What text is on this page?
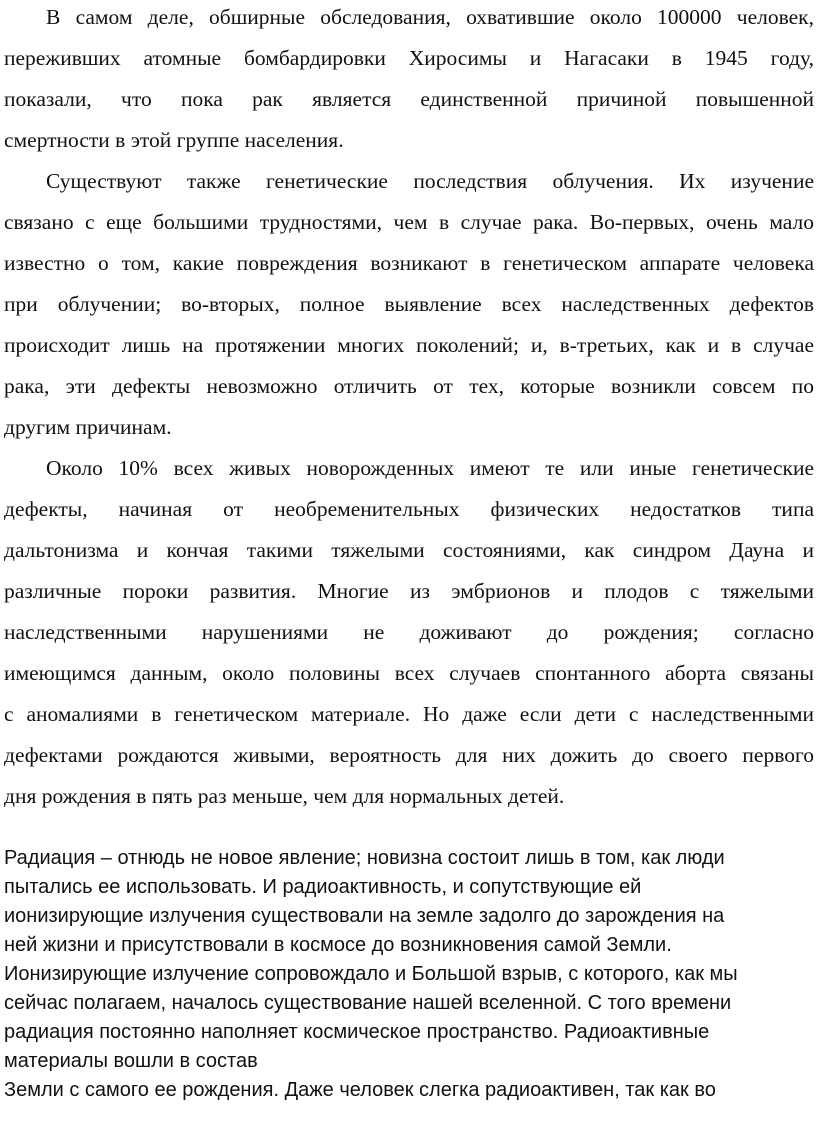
В самом деле, обширные обследования, охватившие около 100000 человек,
переживших атомные бомбардировки Хиросимы и Нагасаки в 1945 году,
показали, что пока рак является единственной причиной повышенной
смертности в этой группе населения.
Существуют также генетические последствия облучения. Их изучение
связано с еще большими трудностями, чем в случае рака. Во-первых, очень мало
известно о том, какие повреждения возникают в генетическом аппарате человека
при облучении; во-вторых, полное выявление всех наследственных дефектов
происходит лишь на протяжении многих поколений; и, в-третьих, как и в случае
рака, эти дефекты невозможно отличить от тех, которые возникли совсем по
другим причинам.
Около 10% всех живых новорожденных имеют те или иные генетические
дефекты, начиная от необременительных физических недостатков типа
дальтонизма и кончая такими тяжелыми состояниями, как синдром Дауна и
различные пороки развития. Многие из эмбрионов и плодов с тяжелыми
наследственными нарушениями не доживают до рождения; согласно
имеющимся данным, около половины всех случаев спонтанного аборта связаны
с аномалиями в генетическом материале. Но даже если дети с наследственными
дефектами рождаются живыми, вероятность для них дожить до своего первого
дня рождения в пять раз меньше, чем для нормальных детей.
Радиация – отнюдь не новое явление; новизна состоит лишь в том, как люди
пытались ее использовать. И радиоактивность, и сопутствующие ей
ионизирующие излучения существовали на земле задолго до зарождения на
ней жизни и присутствовали в космосе до возникновения самой Земли.
Ионизирующие излучение сопровождало и Большой взрыв, с которого, как мы
сейчас полагаем, началось существование нашей вселенной. С того времени
радиация постоянно наполняет космическое пространство. Радиоактивные
материалы вошли в состав
Земли с самого ее рождения. Даже человек слегка радиоактивен, так как во
